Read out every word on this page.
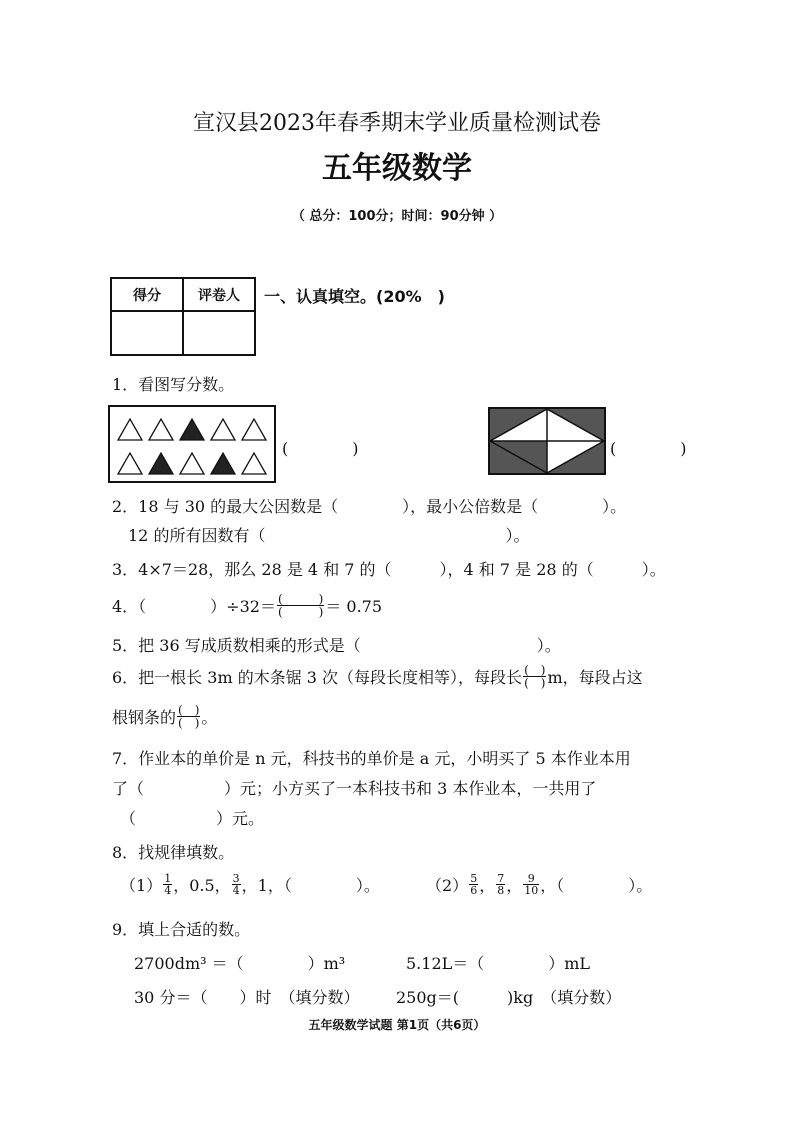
宣汉县2023年春季期末学业质量检测试卷
五年级数学
（ 总分：100分；时间：90分钟 ）
得分	评卷人
	一、认真填空。(20%　)
1．看图写分数。
(　　　　)	(　　　　)
2．18 与 30 的最大公因数是（　　　　），最小公倍数是（　　　　）。
12 的所有因数有（　　　　　　　　　　　　　　　）。
3．4×7＝28，那么 28 是 4 和 7 的（　　　），4 和 7 是 28 的（　　　）。
4．（　　　　）$\div 32= \frac{( )}{( )} = 0.75$
5．把 36 写成质数相乘的形式是（　　　　　　　　　　　）。
6．把一根长 3m 的木条锯 3 次（每段长度相等），每段长 $\frac{( )}{( )}$ m，每段占这
根钢条的 $\frac{( )}{( )}$ 。
7．作业本的单价是 n 元，科技书的单价是 a 元，小明买了 5 本作业本用
了（　　　　　）元；小方买了一本科技书和 3 本作业本，一共用了
（　　　　　）元。
8．找规律填数。
$(1) \frac{1}{4}$ ，0.5， $\frac{3}{4}$ ，1，（　　　　）。	$(2) \frac{5}{6}$ ， $\frac{7}{8}$ ， $\frac{9}{10}$ ，（　　　　）。
9．填上合适的数。
2700dm³ ＝（　　　　）m³	5.12L＝（　　　　）mL
30 分＝（　　）时　（填分数） 250g＝(　　　)kg　（填分数）
五年级数学试题 第1页（共6页）
